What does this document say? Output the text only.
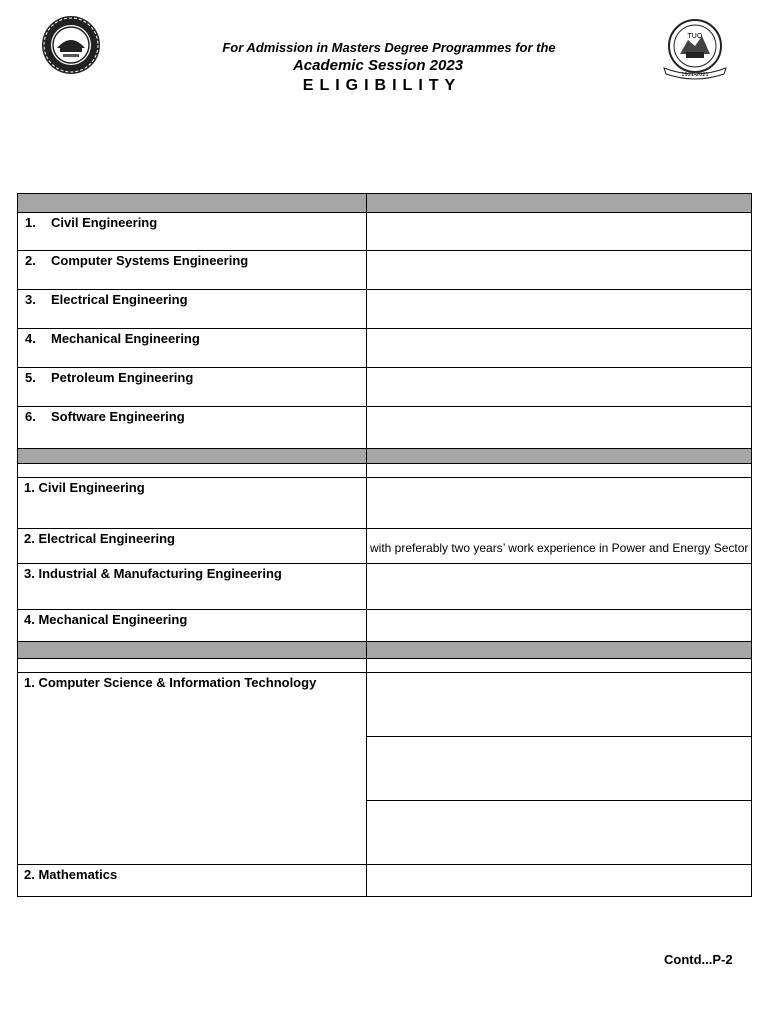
TUO
1921-2021
For Admission in Masters Degree Programmes for the
Academic Session 2023
ELIGIBILITY

1. Civil Engineering	
2. Computer Systems Engineering	
3. Electrical Engineering	
4. Mechanical Engineering	
5. Petroleum Engineering	
6. Software Engineering	

1. Civil Engineering	
2. Electrical Engineering	with preferably two years’ work experience in Power and Energy Sector

3. Industrial & Manufacturing Engineering	
4. Mechanical Engineering	

1. Computer Science & Information Technology	

2. Mathematics	
Contd...P-2
